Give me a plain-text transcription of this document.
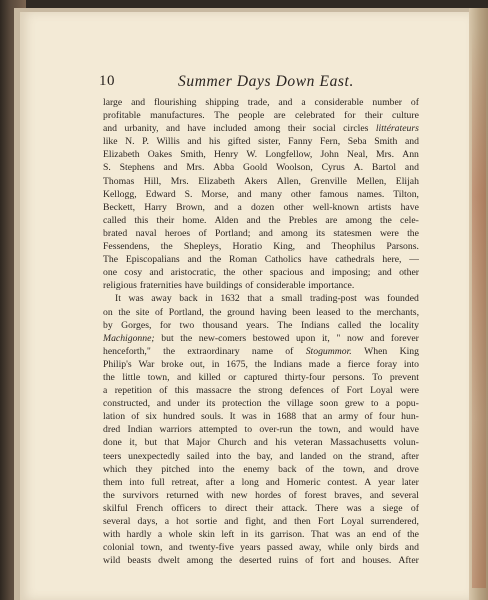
10	Summer Days Down East.
large and flourishing shipping trade, and a considerable number of
profitable manufactures. The people are celebrated for their culture
and urbanity, and have included among their social circles littérateurs
like N. P. Willis and his gifted sister, Fanny Fern, Seba Smith and
Elizabeth Oakes Smith, Henry W. Longfellow, John Neal, Mrs. Ann
S. Stephens and Mrs. Abba Goold Woolson, Cyrus A. Bartol and
Thomas Hill, Mrs. Elizabeth Akers Allen, Grenville Mellen, Elijah
Kellogg, Edward S. Morse, and many other famous names. Tilton,
Beckett, Harry Brown, and a dozen other well-known artists have
called this their home. Alden and the Prebles are among the cele-
brated naval heroes of Portland; and among its statesmen were the
Fessendens, the Shepleys, Horatio King, and Theophilus Parsons.
The Episcopalians and the Roman Catholics have cathedrals here, —
one cosy and aristocratic, the other spacious and imposing; and other
religious fraternities have buildings of considerable importance.
It was away back in 1632 that a small trading-post was founded
on the site of Portland, the ground having been leased to the merchants,
by Gorges, for two thousand years. The Indians called the locality
Machigonne; but the new-comers bestowed upon it, " now and forever
henceforth," the extraordinary name of Stogummor. When King
Philip's War broke out, in 1675, the Indians made a fierce foray into
the little town, and killed or captured thirty-four persons. To prevent
a repetition of this massacre the strong defences of Fort Loyal were
constructed, and under its protection the village soon grew to a popu-
lation of six hundred souls. It was in 1688 that an army of four hun-
dred Indian warriors attempted to over-run the town, and would have
done it, but that Major Church and his veteran Massachusetts volun-
teers unexpectedly sailed into the bay, and landed on the strand, after
which they pitched into the enemy back of the town, and drove
them into full retreat, after a long and Homeric contest. A year later
the survivors returned with new hordes of forest braves, and several
skilful French officers to direct their attack. There was a siege of
several days, a hot sortie and fight, and then Fort Loyal surrendered,
with hardly a whole skin left in its garrison. That was an end of the
colonial town, and twenty-five years passed away, while only birds and
wild beasts dwelt among the deserted ruins of fort and houses. After
